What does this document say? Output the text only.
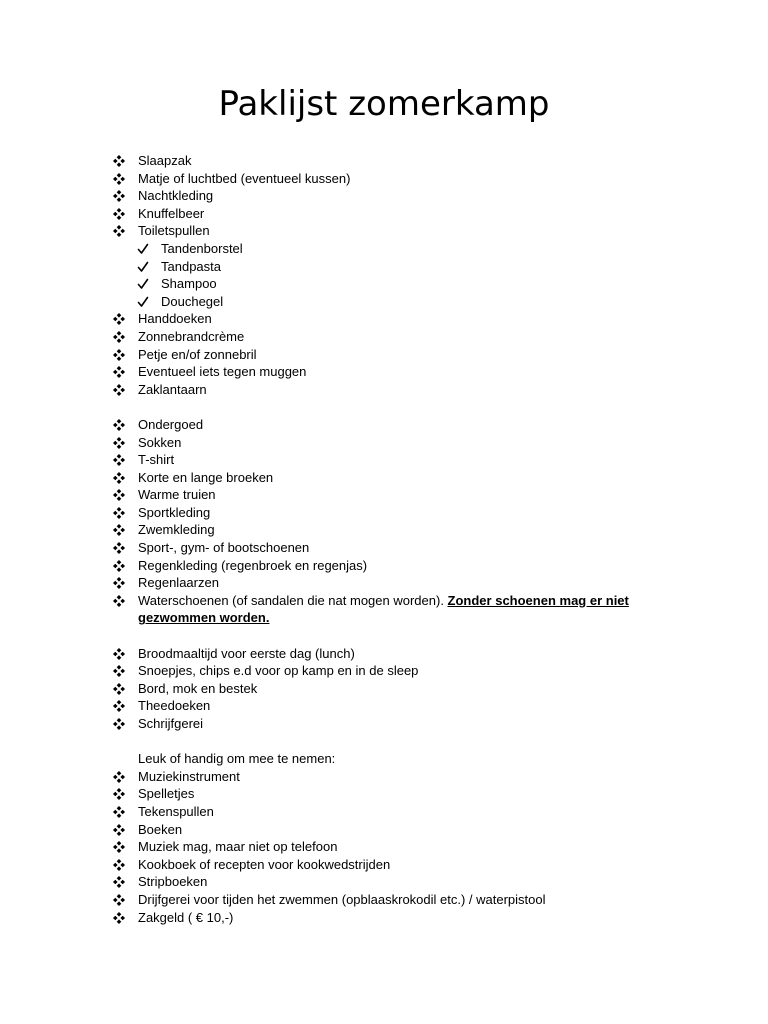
Paklijst zomerkamp
Slaapzak
Matje of luchtbed (eventueel kussen)
Nachtkleding
Knuffelbeer
Toiletspullen
Tandenborstel
Tandpasta
Shampoo
Douchegel
Handdoeken
Zonnebrandcrème
Petje en/of zonnebril
Eventueel iets tegen muggen
Zaklantaarn
Ondergoed
Sokken
T-shirt
Korte en lange broeken
Warme truien
Sportkleding
Zwemkleding
Sport-, gym- of bootschoenen
Regenkleding (regenbroek en regenjas)
Regenlaarzen
Waterschoenen (of sandalen die nat mogen worden). Zonder schoenen mag er niet
gezwommen worden.
Broodmaaltijd voor eerste dag (lunch)
Snoepjes, chips e.d voor op kamp en in de sleep
Bord, mok en bestek
Theedoeken
Schrijfgerei
Leuk of handig om mee te nemen:
Muziekinstrument
Spelletjes
Tekenspullen
Boeken
Muziek mag, maar niet op telefoon
Kookboek of recepten voor kookwedstrijden
Stripboeken
Drijfgerei voor tijden het zwemmen (opblaaskrokodil etc.) / waterpistool
Zakgeld ( € 10,-)
